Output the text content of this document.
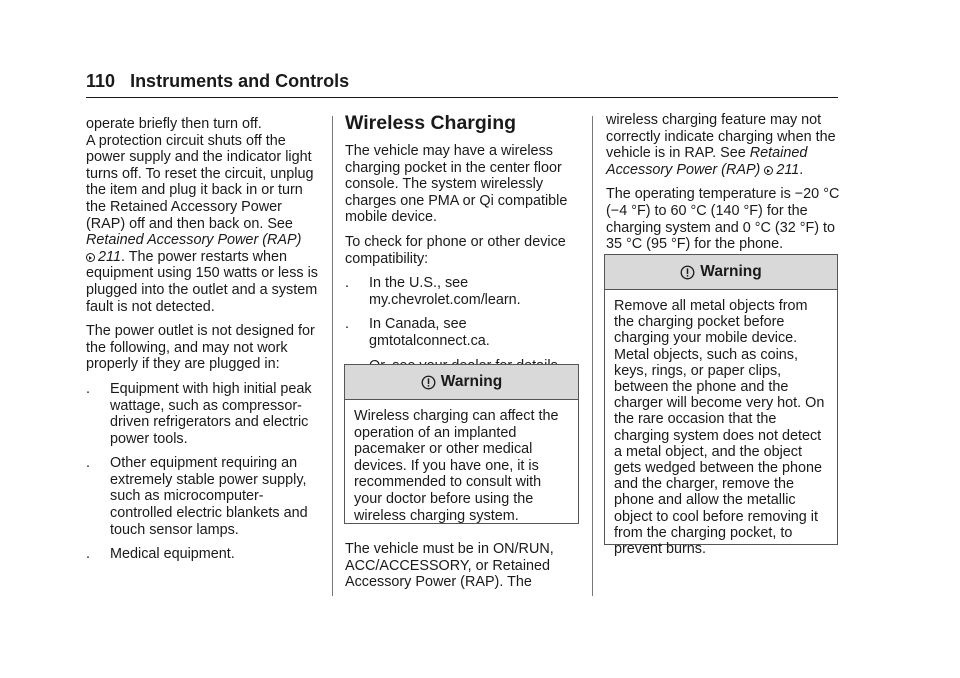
110 Instruments and Controls

operate briefly then turn off.

A protection circuit shuts off the power supply and the indicator light turns off. To reset the circuit, unplug the item and plug it back in or turn the Retained Accessory Power (RAP) off and then back on. See Retained Accessory Power (RAP)
211. The power restarts when equipment using 150 watts or less is plugged into the outlet and a system fault is not detected.

The power outlet is not designed for the following, and may not work properly if they are plugged in:

. Equipment with high initial peak wattage, such as compressor-driven refrigerators and electric power tools.
. Other equipment requiring an extremely stable power supply, such as microcomputer-controlled electric blankets and touch sensor lamps.
. Medical equipment.
Wireless Charging

The vehicle may have a wireless charging pocket in the center floor console. The system wirelessly charges one PMA or Qi compatible mobile device.

To check for phone or other device compatibility:

. In the U.S., see my.chevrolet.com/learn.
. In Canada, see gmtotalconnect.ca.
Warning
Wireless charging can affect the operation of an implanted pacemaker or other medical devices. If you have one, it is recommended to consult with your doctor before using the wireless charging system.

The vehicle must be in ON/RUN, ACC/ACCESSORY, or Retained Accessory Power (RAP). The

wireless charging feature may not correctly indicate charging when the vehicle is in RAP. See Retained Accessory Power (RAP) 211.

The operating temperature is −20 °C (−4 °F) to 60 °C (140 °F) for the charging system and 0 °C (32 °F) to 35 °C (95 °F) for the phone.

Warning
Remove all metal objects from the charging pocket before charging your mobile device. Metal objects, such as coins, keys, rings, or paper clips, between the phone and the charger will become very hot. On the rare occasion that the charging system does not detect a metal object, and the object gets wedged between the phone and the charger, remove the phone and allow the metallic object to cool before removing it from the charging pocket, to prevent burns.
